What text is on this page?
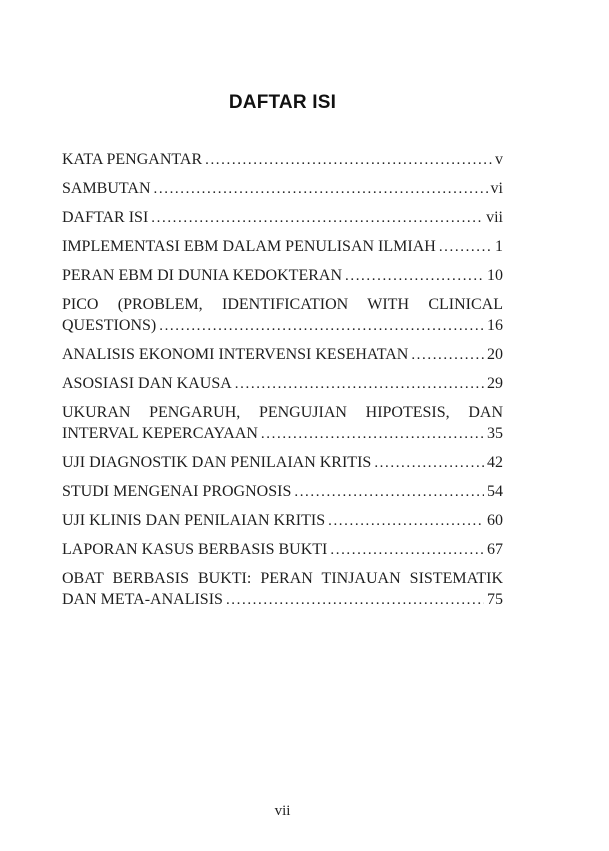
DAFTAR ISI
KATA PENGANTAR .....	v
SAMBUTAN .....	vi
DAFTAR ISI .....	vii
IMPLEMENTASI EBM DALAM PENULISAN ILMIAH .....	1
PERAN EBM DI DUNIA KEDOKTERAN .....	10
PICO (PROBLEM, IDENTIFICATION WITH CLINICAL
QUESTIONS) .....	16
ANALISIS EKONOMI INTERVENSI KESEHATAN .....	20
ASOSIASI DAN KAUSA .....	29
UKURAN PENGARUH, PENGUJIAN HIPOTESIS, DAN
INTERVAL KEPERCAYAAN .....	35
UJI DIAGNOSTIK DAN PENILAIAN KRITIS .....	42
STUDI MENGENAI PROGNOSIS .....	54
UJI KLINIS DAN PENILAIAN KRITIS .....	60
LAPORAN KASUS BERBASIS BUKTI .....	67
OBAT BERBASIS BUKTI: PERAN TINJAUAN SISTEMATIK
DAN META-ANALISIS .....	75
vii
